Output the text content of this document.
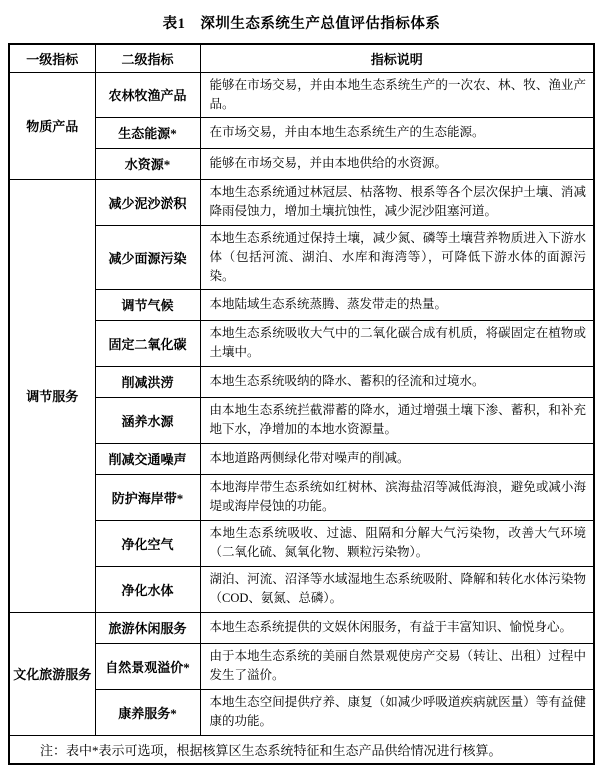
表1　深圳生态系统生产总值评估指标体系
一级指标	二级指标	指标说明
物质产品	农林牧渔产品	能够在市场交易，并由本地生态系统生产的一次农、林、牧、渔业产品。
	生态能源*	在市场交易，并由本地生态系统生产的生态能源。
	水资源*	能够在市场交易，并由本地供给的水资源。
调节服务	减少泥沙淤积	本地生态系统通过林冠层、枯落物、根系等各个层次保护土壤、消减降雨侵蚀力，增加土壤抗蚀性，减少泥沙阻塞河道。
	减少面源污染	本地生态系统通过保持土壤，减少氮、磷等土壤营养物质进入下游水体（包括河流、湖泊、水库和海湾等），可降低下游水体的面源污染。
	调节气候	本地陆域生态系统蒸腾、蒸发带走的热量。
	固定二氧化碳	本地生态系统吸收大气中的二氧化碳合成有机质，将碳固定在植物或土壤中。
	削减洪涝	本地生态系统吸纳的降水、蓄积的径流和过境水。
	涵养水源	由本地生态系统拦截滞蓄的降水，通过增强土壤下渗、蓄积，和补充地下水，净增加的本地水资源量。
	削减交通噪声	本地道路两侧绿化带对噪声的削减。
	防护海岸带*	本地海岸带生态系统如红树林、滨海盐沼等减低海浪，避免或减小海堤或海岸侵蚀的功能。
	净化空气	本地生态系统吸收、过滤、阻隔和分解大气污染物，改善大气环境（二氧化硫、氮氧化物、颗粒污染物）。
	净化水体	湖泊、河流、沼泽等水域湿地生态系统吸附、降解和转化水体污染物（COD、氨氮、总磷）。
文化旅游服务	旅游休闲服务	本地生态系统提供的文娱休闲服务，有益于丰富知识、愉悦身心。
	自然景观溢价*	由于本地生态系统的美丽自然景观使房产交易（转让、出租）过程中发生了溢价。
	康养服务*	本地生态空间提供疗养、康复（如减少呼吸道疾病就医量）等有益健康的功能。
注：表中*表示可选项，根据核算区生态系统特征和生态产品供给情况进行核算。		
